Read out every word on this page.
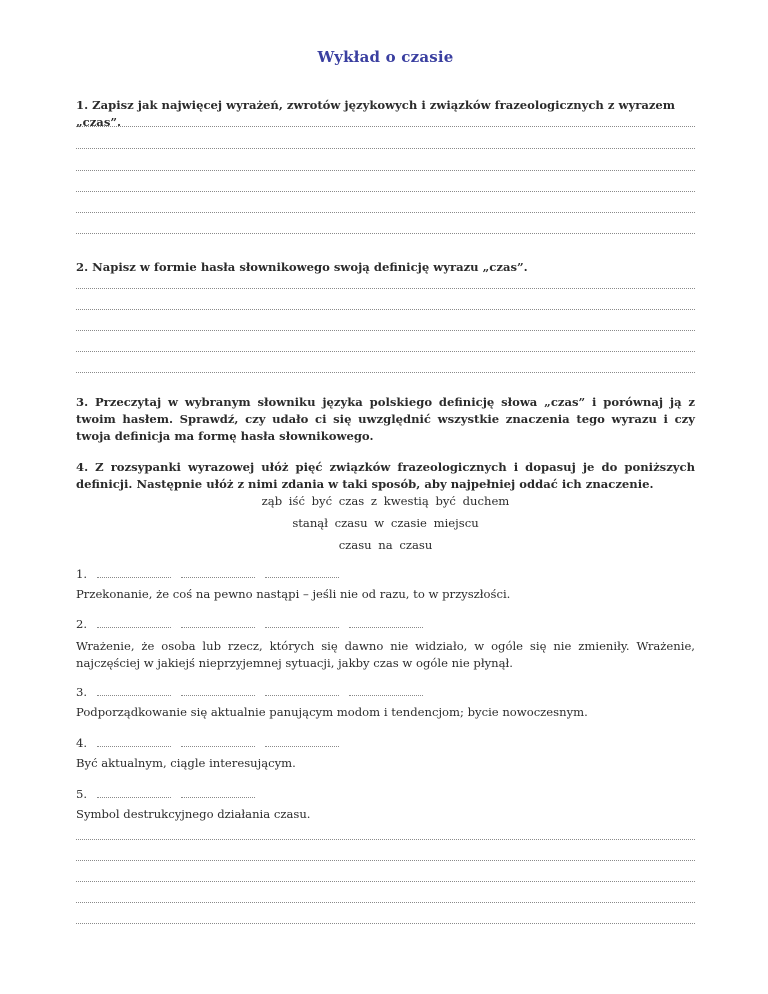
Wykład o czasie
1. Zapisz jak najwięcej wyrażeń, zwrotów językowych i związków frazeologicznych z wyrazem „czas”.
2. Napisz w formie hasła słownikowego swoją definicję wyrazu „czas”.
3. Przeczytaj w wybranym słowniku języka polskiego definicję słowa „czas” i porównaj ją z twoim hasłem. Sprawdź, czy udało ci się uwzględnić wszystkie znaczenia tego wyrazu i czy twoja definicja ma formę hasła słownikowego.
4. Z rozsypanki wyrazowej ułóż pięć związków frazeologicznych i dopasuj je do poniższych definicji. Następnie ułóż z nimi zdania w taki sposób, aby najpełniej oddać ich znaczenie.
ząb iść być czas z kwestią być duchem
stanął czasu w czasie miejscu
czasu na czasu
1.
Przekonanie, że coś na pewno nastąpi – jeśli nie od razu, to w przyszłości.
2.
Wrażenie, że osoba lub rzecz, których się dawno nie widziało, w ogóle się nie zmieniły. Wrażenie, najczęściej w jakiejś nieprzyjemnej sytuacji, jakby czas w ogóle nie płynął.
3.
Podporządkowanie się aktualnie panującym modom i tendencjom; bycie nowoczesnym.
4.
Być aktualnym, ciągle interesującym.
5.
Symbol destrukcyjnego działania czasu.
